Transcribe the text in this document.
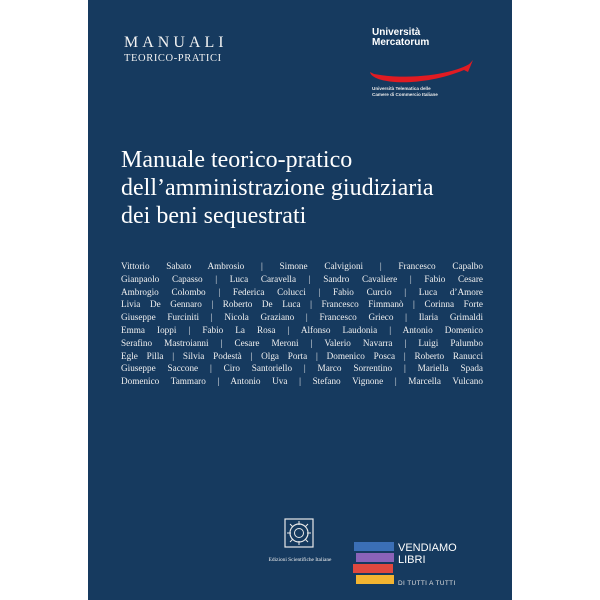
MANUALI
TEORICO-PRATICI
Università
Mercatorum
Università Telematica delle
Camere di Commercio Italiane
Manuale teorico-pratico
dell’amministrazione giudiziaria
dei beni sequestrati
Vittorio Sabato Ambrosio | Simone Calvigioni | Francesco Capalbo
Gianpaolo Capasso | Luca Caravella | Sandro Cavaliere | Fabio Cesare
Ambrogio Colombo | Federica Colucci | Fabio Curcio | Luca d’Amore
Livia De Gennaro | Roberto De Luca | Francesco Fimmanò | Corinna Forte
Giuseppe Furciniti | Nicola Graziano | Francesco Grieco | Ilaria Grimaldi
Emma Ioppi | Fabio La Rosa | Alfonso Laudonia | Antonio Domenico
Serafino Mastroianni | Cesare Meroni | Valerio Navarra | Luigi Palumbo
Egle Pilla | Silvia Podestà | Olga Porta | Domenico Posca | Roberto Ranucci
Giuseppe Saccone | Ciro Santoriello | Marco Sorrentino | Mariella Spada
Domenico Tammaro | Antonio Uva | Stefano Vignone | Marcella Vulcano
Edizioni Scientifiche Italiane
VENDIAMO
LIBRI
DI TUTTI A TUTTI
